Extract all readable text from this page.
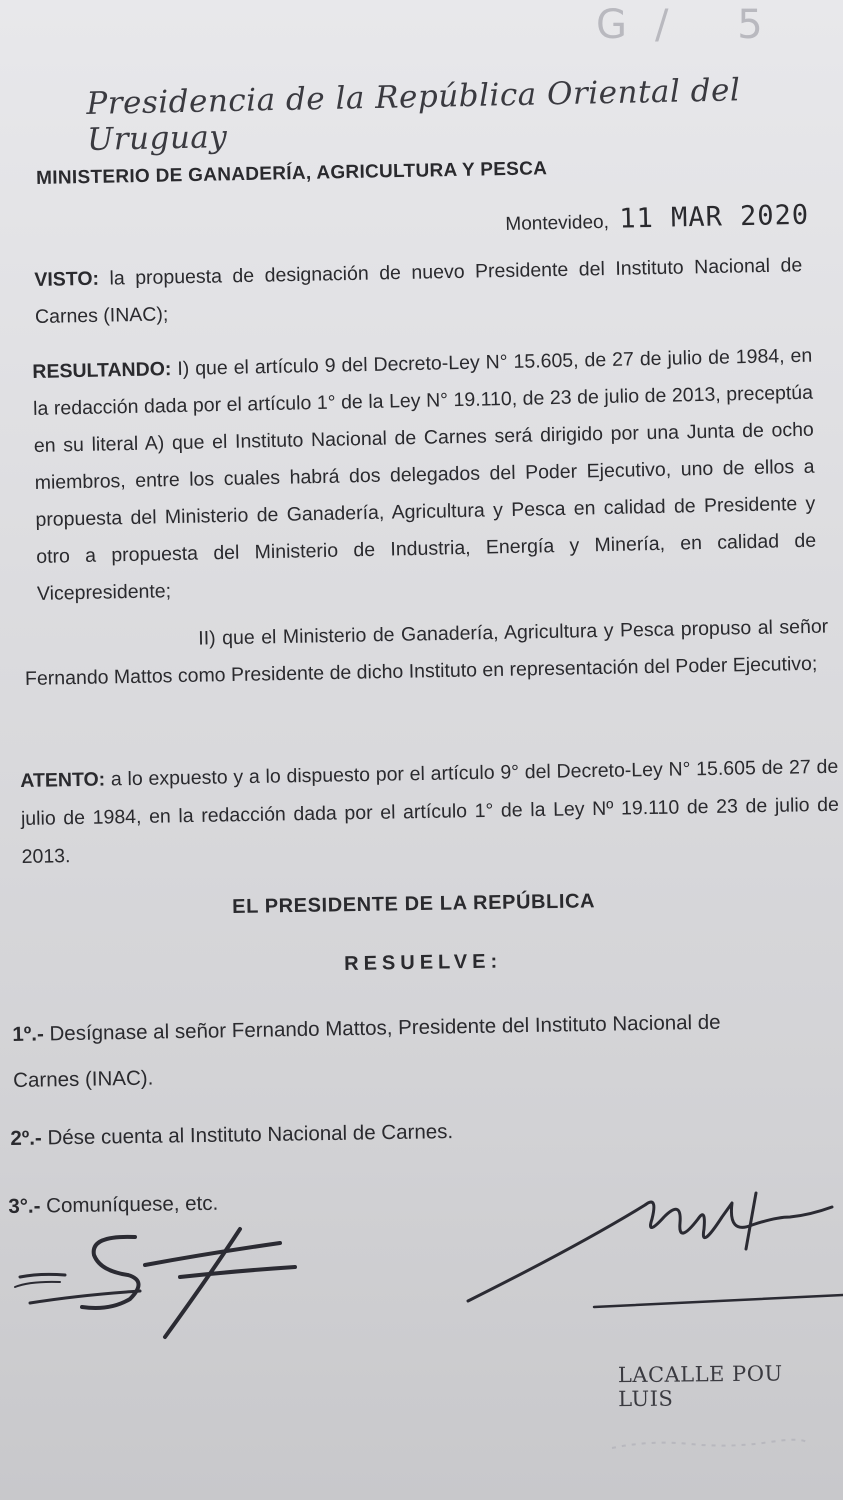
G/ 5
Presidencia de la República Oriental del Uruguay
MINISTERIO DE GANADERÍA, AGRICULTURA Y PESCA
Montevideo, 11 MAR 2020

VISTO: la propuesta de designación de nuevo Presidente del Instituto Nacional de Carnes (INAC);

RESULTANDO: I) que el artículo 9 del Decreto-Ley N° 15.605, de 27 de julio de 1984, en la redacción dada por el artículo 1° de la Ley N° 19.110, de 23 de julio de 2013, preceptúa en su literal A) que el Instituto Nacional de Carnes será dirigido por una Junta de ocho miembros, entre los cuales habrá dos delegados del Poder Ejecutivo, uno de ellos a propuesta del Ministerio de Ganadería, Agricultura y Pesca en calidad de Presidente y otro a propuesta del Ministerio de Industria, Energía y Minería, en calidad de Vicepresidente;

II) que el Ministerio de Ganadería, Agricultura y Pesca propuso al señor Fernando Mattos como Presidente de dicho Instituto en representación del Poder Ejecutivo;

ATENTO: a lo expuesto y a lo dispuesto por el artículo 9° del Decreto-Ley N° 15.605 de 27 de julio de 1984, en la redacción dada por el artículo 1° de la Ley Nº 19.110 de 23 de julio de 2013.

EL PRESIDENTE DE LA REPÚBLICA
RESUELVE:
1º.- Desígnase al señor Fernando Mattos, Presidente del Instituto Nacional de
Carnes (INAC).
2º.- Dése cuenta al Instituto Nacional de Carnes.
3°.- Comuníquese, etc.
LACALLE POU LUIS
